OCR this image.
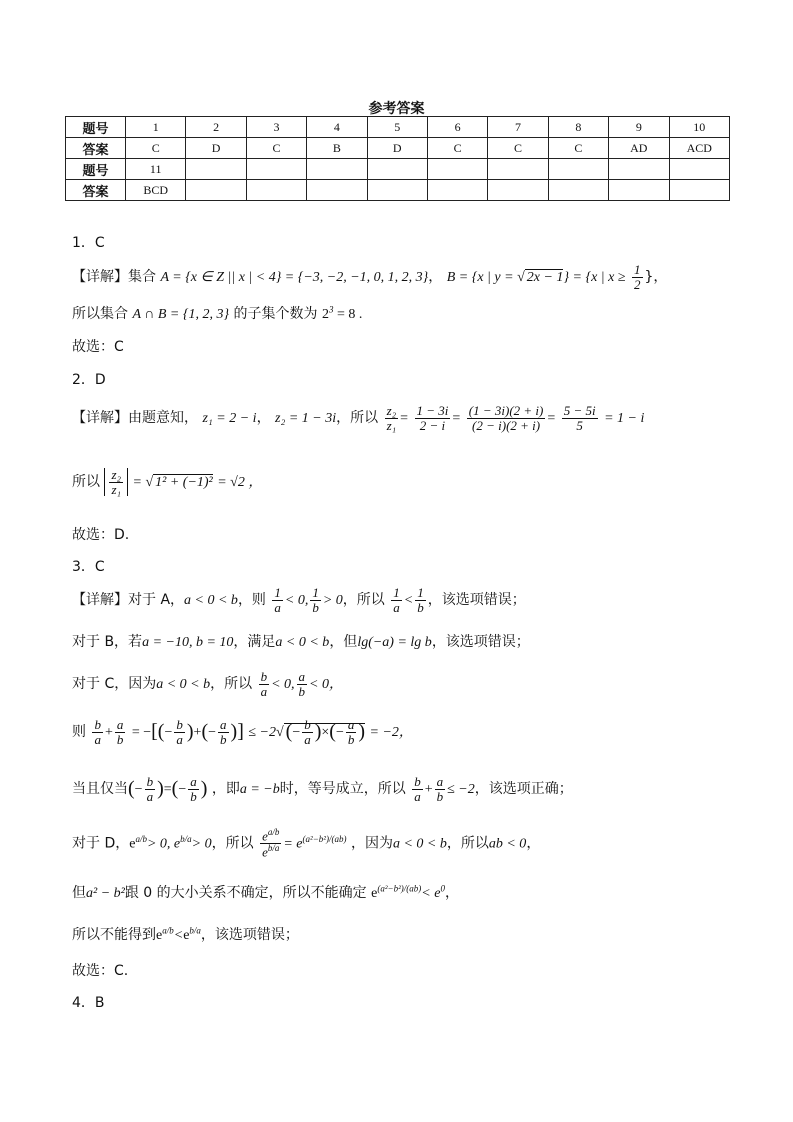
参考答案
题号	1	2	3	4	5	6	7	8	9	10
答案	C	D	C	B	D	C	C	C	AD	ACD
题号	11									
答案	BCD									
1．C
【详解】集合 A = {x ∈ Z || x | < 4} = {−3, −2, −1, 0, 1, 2, 3}， B = {x | y = √ 2x − 1} = {x | $x \ge \frac{1}{2}$ }，
所以集合 A ∩ B = {1, 2, 3} 的子集个数为 $2^3 = 8$ .
故选：C
2．D
【详解】由题意知， z₁ = 2 − i， z₂ = 1 − 3i，所以 $\frac{\text{z₂}}{\text{z₁}} = \frac{1 - 3i}{2 - i} = \frac{(1 - 3i)(2 + i)}{(2 - i)(2 + i)} = \frac{5 - 5i}{5} = 1 - i$
所以 $\frac{\text{z₂}}{\text{z₁}}$ = √ 1² + (−1)² = √2 ，
故选：D.
3．C
【详解】对于 A，a < 0 < b，则 $\frac{1}{a} < 0$, $\frac{1}{b} > 0$，所以 $\frac{1}{a} < \frac{1}{b}$ ，该选项错误；
对于 B，若a = −10, b = 10，满足a < 0 < b，但lg(−a) = lg b，该选项错误；
对于 C，因为a < 0 < b，所以 $\frac{b}{a} < 0$, $\frac{a}{b} < 0$，
则 $\frac{b}{a} + \frac{a}{b}$ = −[(− $\frac{b}{a}$ )+(− $\frac{a}{b}$ )] ≤ −2√ (− $\frac{b}{a}$ )×(− $\frac{a}{b}$ ) = −2，
当且仅当(− $\frac{b}{a}$ )=(− $\frac{a}{b}$ ) ，即a = −b时，等号成立，所以 $\frac{b}{a} + \frac{a}{b} \le -2$，该选项正确；
对于 D，$e^{a/b}> 0$, $e^{b/a}> 0$，所以 $\frac{e^{a/b}}{e^{b/a}} = e^{(a^2-b^2)/(ab)}$ ，因为a < 0 < b，所以ab < 0，
但a² − b²跟 0 的大小关系不确定，所以不能确定 $e^{(a^2-b^2)/(ab)}< e^0$，
所以不能得到$e^{a/b}<e^{b/a}$，该选项错误；
故选：C.
4．B
